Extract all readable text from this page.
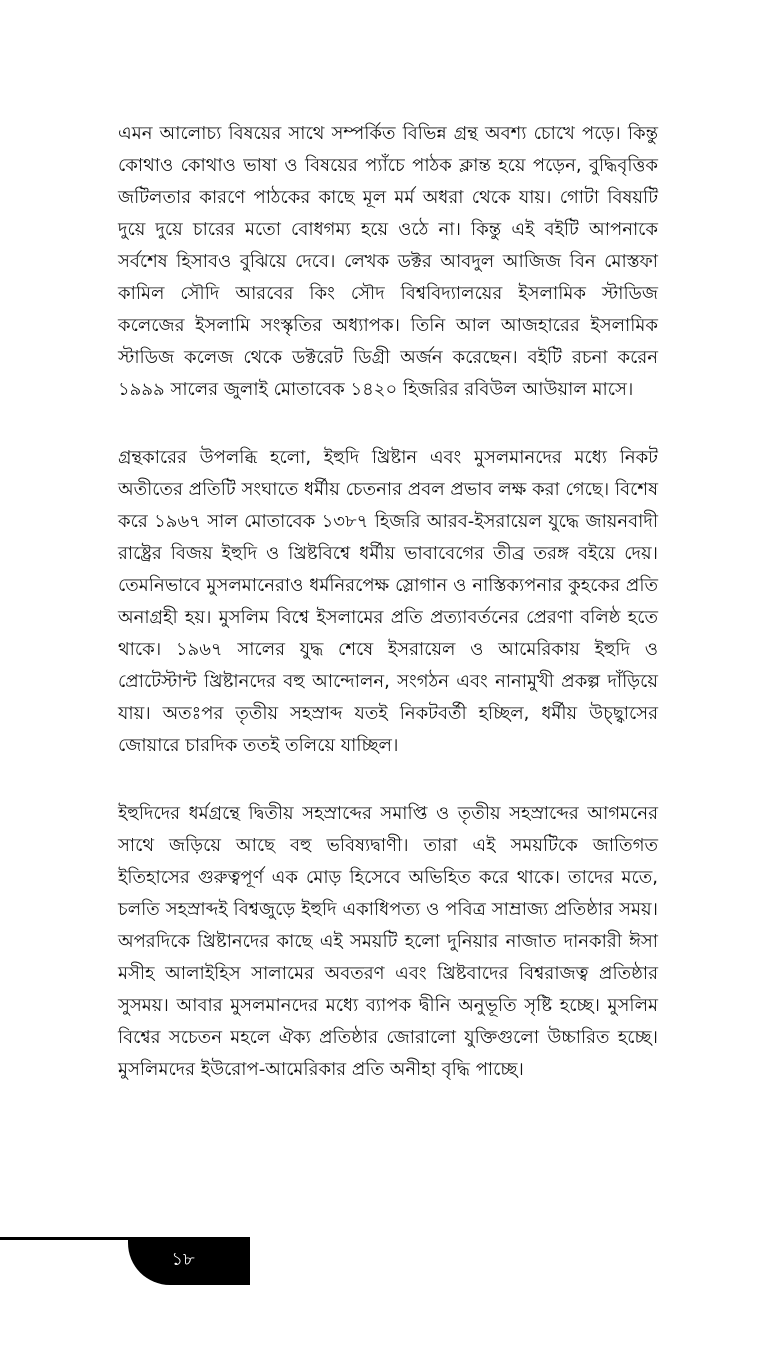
এমন আলোচ্য বিষয়ের সাথে সম্পর্কিত বিভিন্ন গ্রন্থ অবশ্য চোখে পড়ে। কিন্তু কোথাও কোথাও ভাষা ও বিষয়ের প্যাঁচে পাঠক ক্লান্ত হয়ে পড়েন, বুদ্ধিবৃত্তিক জটিলতার কারণে পাঠকের কাছে মূল মর্ম অধরা থেকে যায়। গোটা বিষয়টি দুয়ে দুয়ে চারের মতো বোধগম্য হয়ে ওঠে না। কিন্তু এই বইটি আপনাকে সর্বশেষ হিসাবও বুঝিয়ে দেবে। লেখক ডক্টর আবদুল আজিজ বিন মোস্তফা কামিল সৌদি আরবের কিং সৌদ বিশ্ববিদ্যালয়ের ইসলামিক স্টাডিজ কলেজের ইসলামি সংস্কৃতির অধ্যাপক। তিনি আল আজহারের ইসলামিক স্টাডিজ কলেজ থেকে ডক্টরেট ডিগ্রী অর্জন করেছেন। বইটি রচনা করেন ১৯৯৯ সালের জুলাই মোতাবেক ১৪২০ হিজরির রবিউল আউয়াল মাসে।

গ্রন্থকারের উপলব্ধি হলো, ইহুদি খ্রিষ্টান এবং মুসলমানদের মধ্যে নিকট অতীতের প্রতিটি সংঘাতে ধর্মীয় চেতনার প্রবল প্রভাব লক্ষ করা গেছে। বিশেষ করে ১৯৬৭ সাল মোতাবেক ১৩৮৭ হিজরি আরব-ইসরায়েল যুদ্ধে জায়নবাদী রাষ্ট্রের বিজয় ইহুদি ও খ্রিষ্টবিশ্বে ধর্মীয় ভাবাবেগের তীব্র তরঙ্গ বইয়ে দেয়। তেমনিভাবে মুসলমানেরাও ধর্মনিরপেক্ষ স্লোগান ও নাস্তিক্যপনার কুহকের প্রতি অনাগ্রহী হয়। মুসলিম বিশ্বে ইসলামের প্রতি প্রত্যাবর্তনের প্রেরণা বলিষ্ঠ হতে থাকে। ১৯৬৭ সালের যুদ্ধ শেষে ইসরায়েল ও আমেরিকায় ইহুদি ও প্রোটেস্টান্ট খ্রিষ্টানদের বহু আন্দোলন, সংগঠন এবং নানামুখী প্রকল্প দাঁড়িয়ে যায়। অতঃপর তৃতীয় সহস্রাব্দ যতই নিকটবর্তী হচ্ছিল, ধর্মীয় উচ্ছ্বাসের জোয়ারে চারদিক ততই তলিয়ে যাচ্ছিল।

ইহুদিদের ধর্মগ্রন্থে দ্বিতীয় সহস্রাব্দের সমাপ্তি ও তৃতীয় সহস্রাব্দের আগমনের সাথে জড়িয়ে আছে বহু ভবিষ্যদ্বাণী। তারা এই সময়টিকে জাতিগত ইতিহাসের গুরুত্বপূর্ণ এক মোড় হিসেবে অভিহিত করে থাকে। তাদের মতে, চলতি সহস্রাব্দই বিশ্বজুড়ে ইহুদি একাধিপত্য ও পবিত্র সাম্রাজ্য প্রতিষ্ঠার সময়। অপরদিকে খ্রিষ্টানদের কাছে এই সময়টি হলো দুনিয়ার নাজাত দানকারী ঈসা মসীহ আলাইহিস সালামের অবতরণ এবং খ্রিষ্টবাদের বিশ্বরাজত্ব প্রতিষ্ঠার সুসময়। আবার মুসলমানদের মধ্যে ব্যাপক দ্বীনি অনুভূতি সৃষ্টি হচ্ছে। মুসলিম বিশ্বের সচেতন মহলে ঐক্য প্রতিষ্ঠার জোরালো যুক্তিগুলো উচ্চারিত হচ্ছে। মুসলিমদের ইউরোপ-আমেরিকার প্রতি অনীহা বৃদ্ধি পাচ্ছে।

১৮
